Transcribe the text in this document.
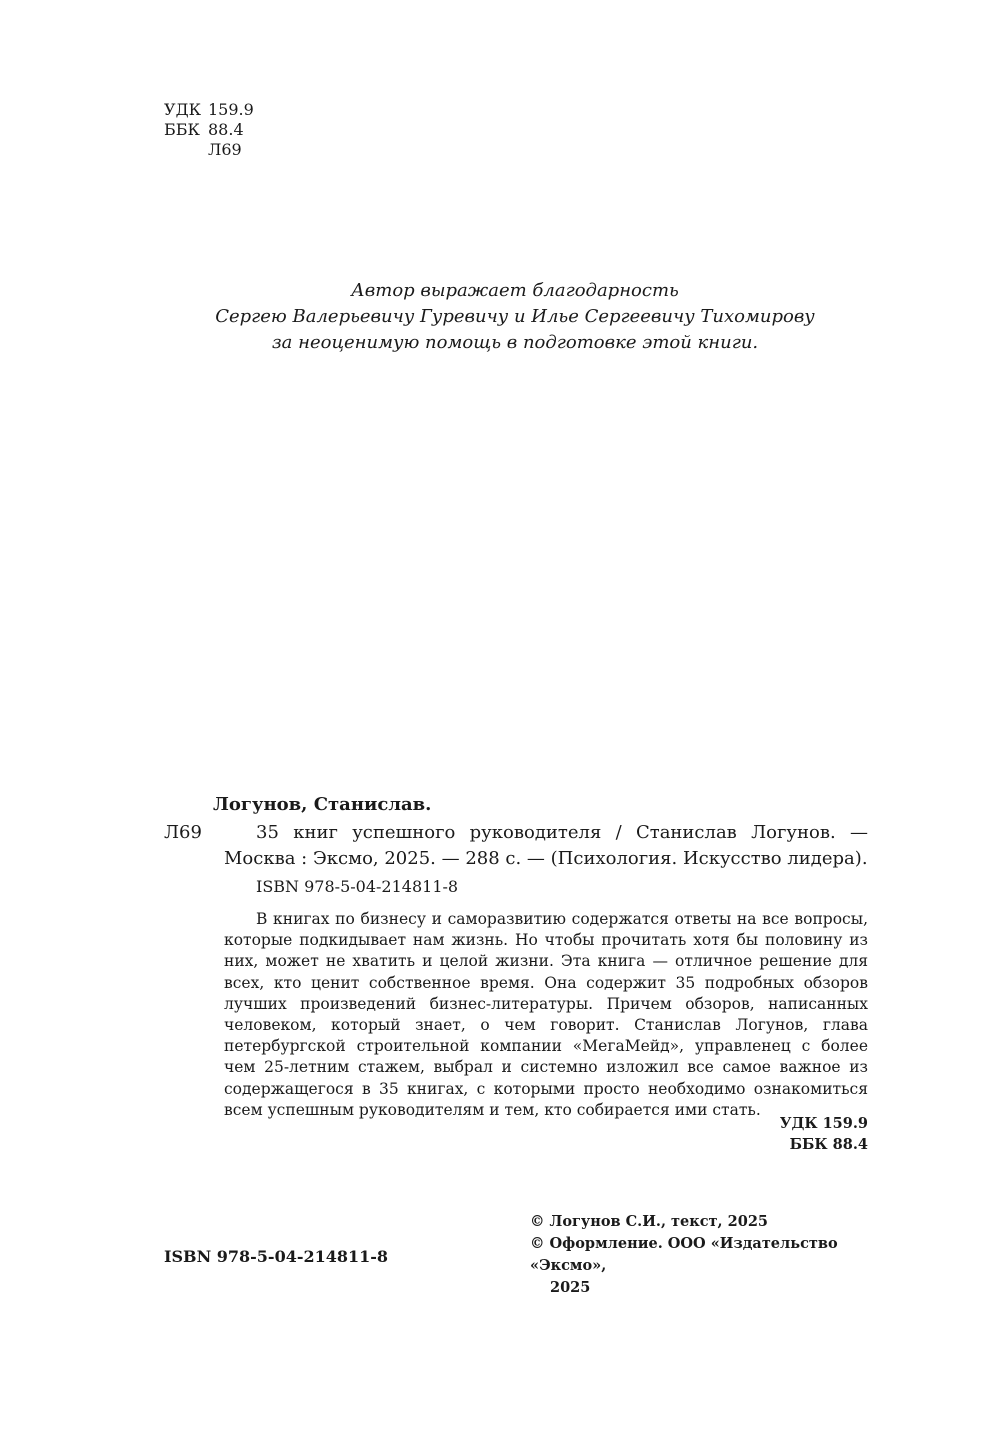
УДК 159.9
ББК 88.4
Л69
Автор выражает благодарность
Сергею Валерьевичу Гуревичу и Илье Сергеевичу Тихомирову
за неоценимую помощь в подготовке этой книги.
Логунов, Станислав.
Л69	35 книг успешного руководителя / Станислав Логунов. — Москва : Эксмо, 2025. — 288 с. — (Психология. Искусство лидера).

ISBN 978-5-04-214811-8

В книгах по бизнесу и саморазвитию содержатся ответы на все вопросы, которые подкидывает нам жизнь. Но чтобы прочитать хотя бы половину из них, может не хватить и целой жизни. Эта книга — отличное решение для всех, кто ценит собственное время. Она содержит 35 подробных обзоров лучших произведений бизнес-литературы. Причем обзоров, написанных человеком, который знает, о чем говорит. Станислав Логунов, глава петербургской строительной компании «МегаМейд», управленец с более чем 25-летним стажем, выбрал и системно изложил все самое важное из содержащегося в 35 книгах, с которыми просто необходимо ознакомиться всем успешным руководителям и тем, кто собирается ими стать.

УДК 159.9
ББК 88.4
© Логунов С.И., текст, 2025
© Оформление. ООО «Издательство «Эксмо»,
2025
ISBN 978-5-04-214811-8
